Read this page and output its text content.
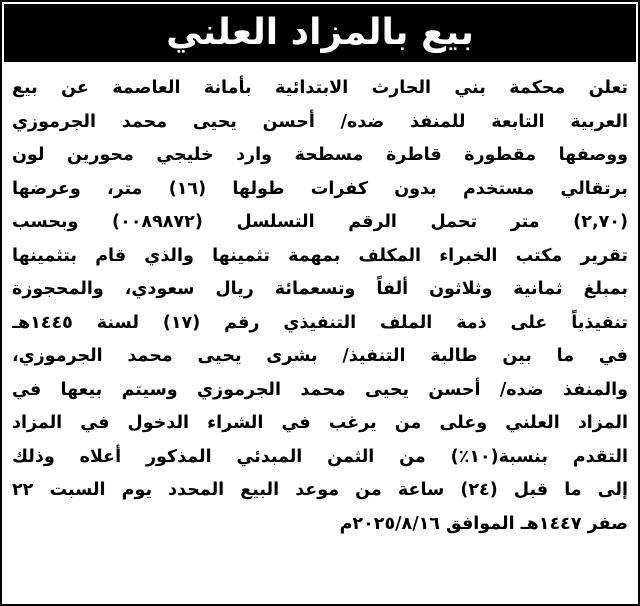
بيع بالمزاد العلني
تعلن محكمة بني الحارث الابتدائية بأمانة العاصمة عن بيع
العربية التابعة للمنفذ ضده/ أحسن يحيى محمد الجرموزي
ووصفها مقطورة قاطرة مسطحة وارد خليجي محورين لون
برتقالي مستخدم بدون كفرات طولها (١٦) متر، وعرضها
(٢,٧٠) متر تحمل الرقم التسلسل (٠٠٨٩٨٧٢) وبحسب
تقرير مكتب الخبراء المكلف بمهمة تثمينها والذي قام بتثمينها
بمبلغ ثمانية وثلاثون ألفاً وتسعمائة ريال سعودي، والمحجوزة
تنفيذياً على ذمة الملف التنفيذي رقم (١٧) لسنة ١٤٤٥هـ
في ما بين طالبة التنفيذ/ بشرى يحيى محمد الجرموزي،
والمنفذ ضده/ أحسن يحيى محمد الجرموزي وسيتم بيعها في
المزاد العلني وعلى من يرغب في الشراء الدخول في المزاد
التقدم بنسبة(١٠٪) من الثمن المبدئي المذكور أعلاه وذلك
إلى ما قبل (٢٤) ساعة من موعد البيع المحدد يوم السبت ٢٢
صفر ١٤٤٧هـ الموافق ٢٠٢٥/٨/١٦م
